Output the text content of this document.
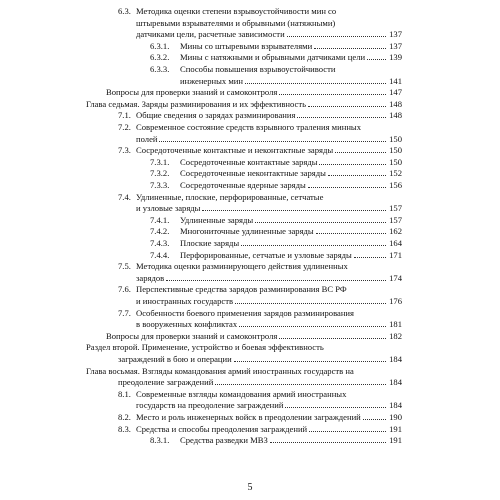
6.3. Методика оценки степени взрывоустойчивости мин со
штыревыми взрывателями и обрывными (натяжными)
датчиками цели, расчетные зависимости	137
6.3.1. Мины со штыревыми взрывателями	137
6.3.2. Мины с натяжными и обрывными датчиками цели	139
6.3.3. Способы повышения взрывоустойчивости
инженерных мин	141
Вопросы для проверки знаний и самоконтроля	147
Глава седьмая. Заряды разминирования и их эффективность	148
7.1. Общие сведения о зарядах разминирования	148
7.2. Современное состояние средств взрывного траления минных
полей	150
7.3. Сосредоточенные контактные и неконтактные заряды	150
7.3.1. Сосредоточенные контактные заряды	150
7.3.2. Сосредоточенные неконтактные заряды	152
7.3.3. Сосредоточенные ядерные заряды	156
7.4. Удлиненные, плоские, перфорированные, сетчатые
и узловые заряды	157
7.4.1. Удлиненные заряды	157
7.4.2. Многониточные удлиненные заряды	162
7.4.3. Плоские заряды	164
7.4.4. Перфорированные, сетчатые и узловые заряды	171
7.5. Методика оценки разминирующего действия удлиненных
зарядов	174
7.6. Перспективные средства зарядов разминирования ВС РФ
и иностранных государств	176
7.7. Особенности боевого применения зарядов разминирования
в вооруженных конфликтах	181
Вопросы для проверки знаний и самоконтроля	182
Раздел второй. Применение, устройство и боевая эффективность
заграждений в бою и операции	184
Глава восьмая. Взгляды командования армий иностранных государств на
преодоление заграждений	184
8.1. Современные взгляды командования армий иностранных
государств на преодоление заграждений	184
8.2. Место и роль инженерных войск в преодолении заграждений	190
8.3. Средства и способы преодоления заграждений	191
8.3.1. Средства разведки МВЗ	191
5
